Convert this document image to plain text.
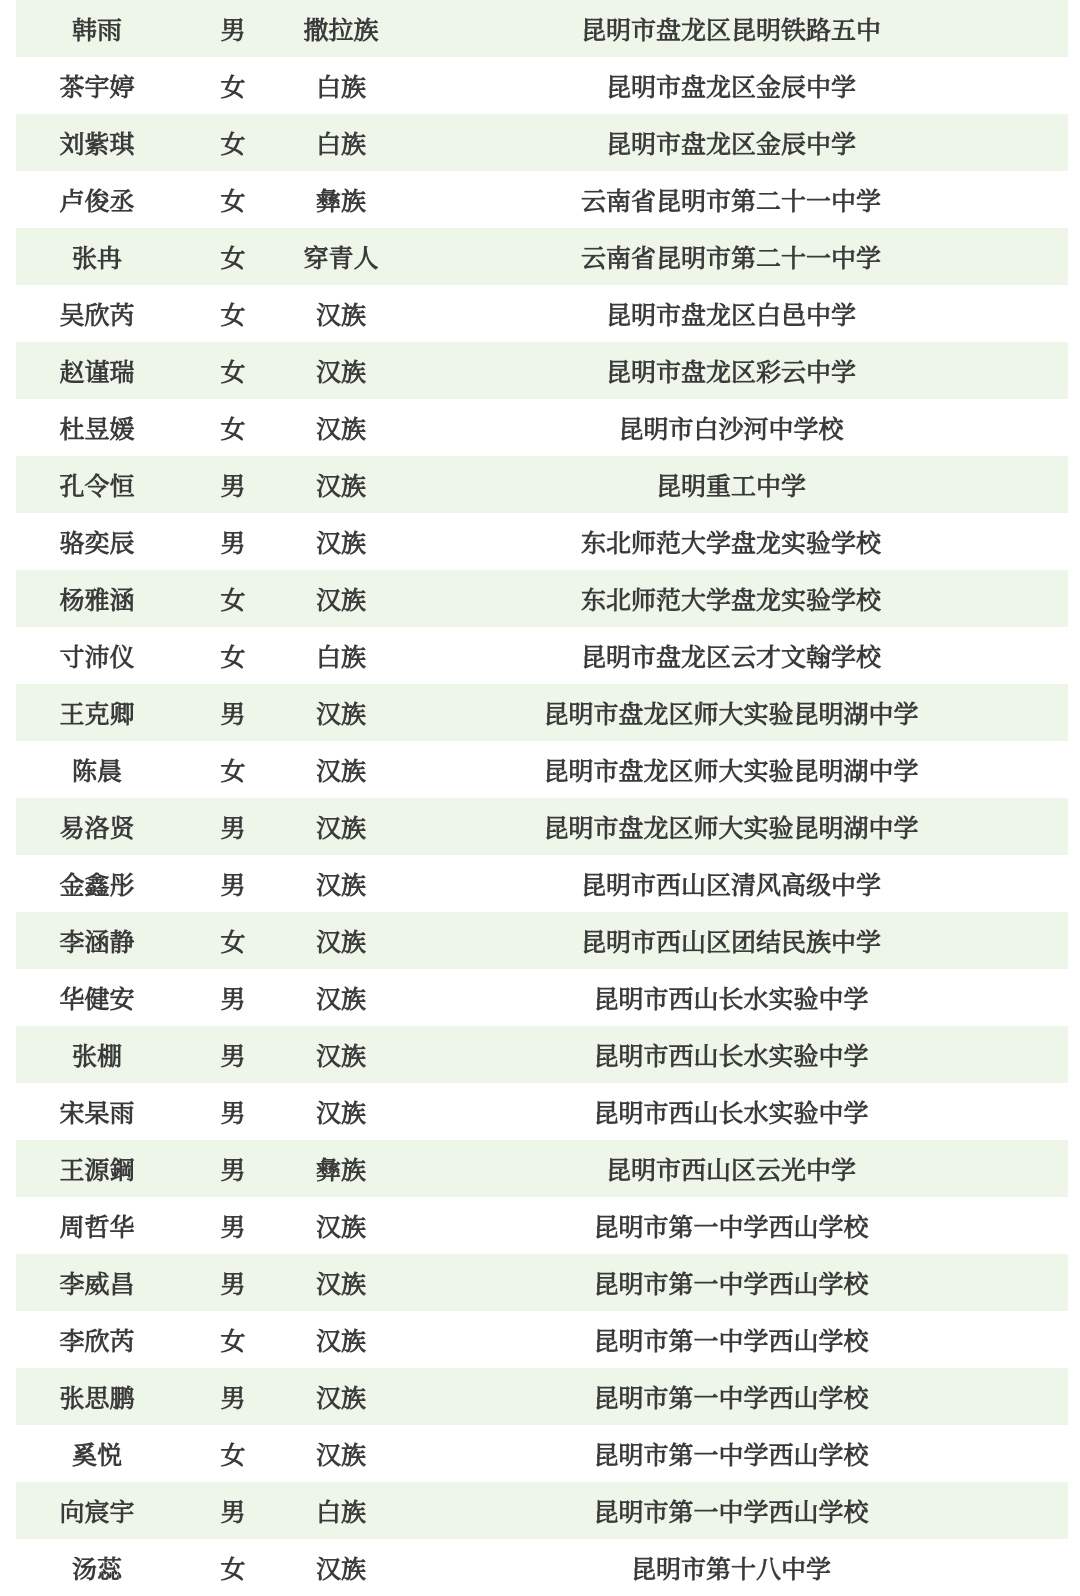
韩雨	男	撒拉族	昆明市盘龙区昆明铁路五中
茶宇婷	女	白族	昆明市盘龙区金辰中学
刘紫琪	女	白族	昆明市盘龙区金辰中学
卢俊丞	女	彝族	云南省昆明市第二十一中学
张冉	女	穿青人	云南省昆明市第二十一中学
吴欣芮	女	汉族	昆明市盘龙区白邑中学
赵谨瑞	女	汉族	昆明市盘龙区彩云中学
杜昱媛	女	汉族	昆明市白沙河中学校
孔令恒	男	汉族	昆明重工中学
骆奕辰	男	汉族	东北师范大学盘龙实验学校
杨雅涵	女	汉族	东北师范大学盘龙实验学校
寸沛仪	女	白族	昆明市盘龙区云才文翰学校
王克卿	男	汉族	昆明市盘龙区师大实验昆明湖中学
陈晨	女	汉族	昆明市盘龙区师大实验昆明湖中学
易洛贤	男	汉族	昆明市盘龙区师大实验昆明湖中学
金鑫彤	男	汉族	昆明市西山区清风高级中学
李涵静	女	汉族	昆明市西山区团结民族中学
华健安	男	汉族	昆明市西山长水实验中学
张棚	男	汉族	昆明市西山长水实验中学
宋杲雨	男	汉族	昆明市西山长水实验中学
王源鋼	男	彝族	昆明市西山区云光中学
周哲华	男	汉族	昆明市第一中学西山学校
李威昌	男	汉族	昆明市第一中学西山学校
李欣芮	女	汉族	昆明市第一中学西山学校
张思鹏	男	汉族	昆明市第一中学西山学校
奚悦	女	汉族	昆明市第一中学西山学校
向宸宇	男	白族	昆明市第一中学西山学校
汤蕊	女	汉族	昆明市第十八中学
